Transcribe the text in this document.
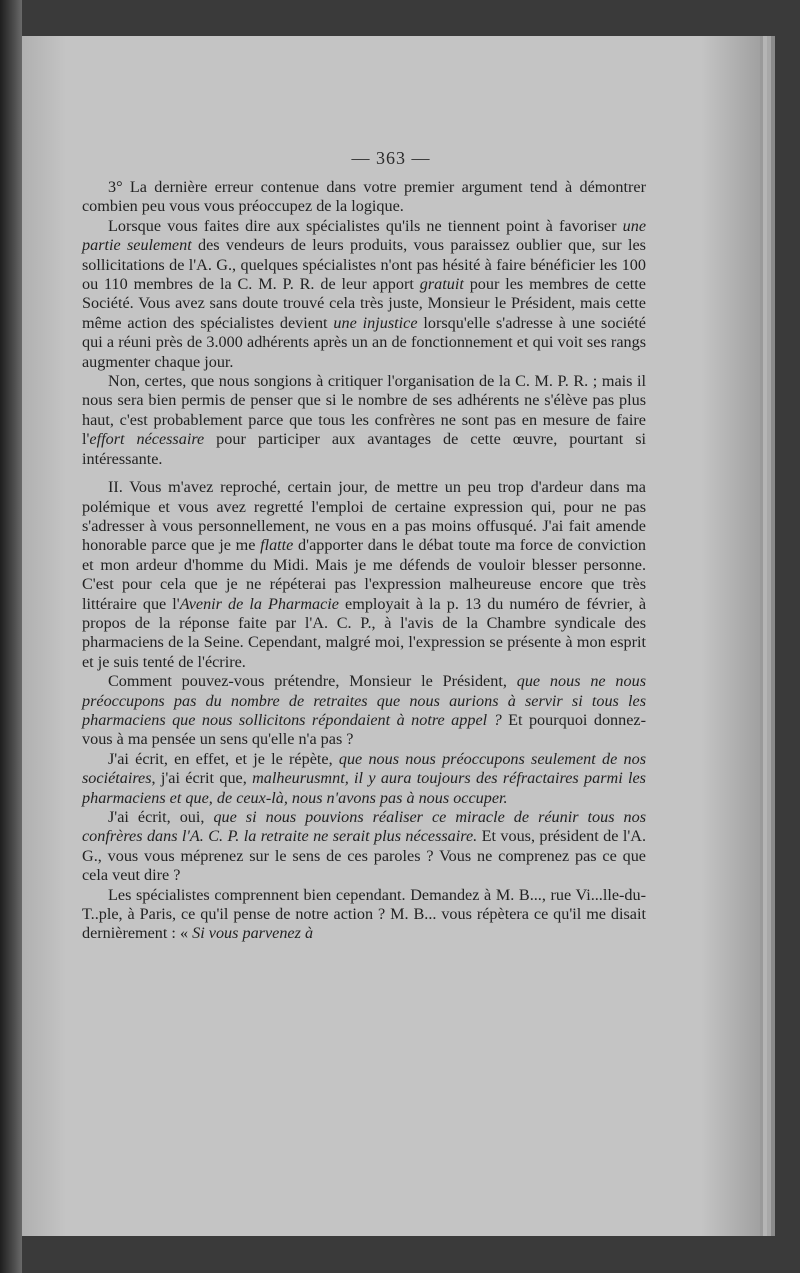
— 363 —

3° La dernière erreur contenue dans votre premier argument tend à démontrer combien peu vous vous préoccupez de la logique.

Lorsque vous faites dire aux spécialistes qu'ils ne tiennent point à favoriser une partie seulement des vendeurs de leurs produits, vous paraissez oublier que, sur les sollicitations de l'A. G., quelques spécialistes n'ont pas hésité à faire bénéficier les 100 ou 110 membres de la C. M. P. R. de leur apport gratuit pour les membres de cette Société. Vous avez sans doute trouvé cela très juste, Monsieur le Président, mais cette même action des spécialistes devient une injustice lorsqu'elle s'adresse à une société qui a réuni près de 3.000 adhérents après un an de fonctionnement et qui voit ses rangs augmenter chaque jour.

Non, certes, que nous songions à critiquer l'organisation de la C. M. P. R. ; mais il nous sera bien permis de penser que si le nombre de ses adhérents ne s'élève pas plus haut, c'est probablement parce que tous les confrères ne sont pas en mesure de faire l'effort nécessaire pour participer aux avantages de cette œuvre, pourtant si intéressante.

II. Vous m'avez reproché, certain jour, de mettre un peu trop d'ardeur dans ma polémique et vous avez regretté l'emploi de certaine expression qui, pour ne pas s'adresser à vous personnellement, ne vous en a pas moins offusqué. J'ai fait amende honorable parce que je me flatte d'apporter dans le débat toute ma force de conviction et mon ardeur d'homme du Midi. Mais je me défends de vouloir blesser personne. C'est pour cela que je ne répéterai pas l'expression malheureuse encore que très littéraire que l'Avenir de la Pharmacie employait à la p. 13 du numéro de février, à propos de la réponse faite par l'A. C. P., à l'avis de la Chambre syndicale des pharmaciens de la Seine. Cependant, malgré moi, l'expression se présente à mon esprit et je suis tenté de l'écrire.

Comment pouvez-vous prétendre, Monsieur le Président, que nous ne nous préoccupons pas du nombre de retraites que nous aurions à servir si tous les pharmaciens que nous sollicitons répondaient à notre appel ? Et pourquoi donnez-vous à ma pensée un sens qu'elle n'a pas ?

J'ai écrit, en effet, et je le répète, que nous nous préoccupons seulement de nos sociétaires, j'ai écrit que, malheurusmnt, il y aura toujours des réfractaires parmi les pharmaciens et que, de ceux-là, nous n'avons pas à nous occuper.

J'ai écrit, oui, que si nous pouvions réaliser ce miracle de réunir tous nos confrères dans l'A. C. P. la retraite ne serait plus nécessaire. Et vous, président de l'A. G., vous vous méprenez sur le sens de ces paroles ? Vous ne comprenez pas ce que cela veut dire ?

Les spécialistes comprennent bien cependant. Demandez à M. B..., rue Vi...lle-du-T..ple, à Paris, ce qu'il pense de notre action ? M. B... vous répètera ce qu'il me disait dernièrement : « Si vous parvenez à
